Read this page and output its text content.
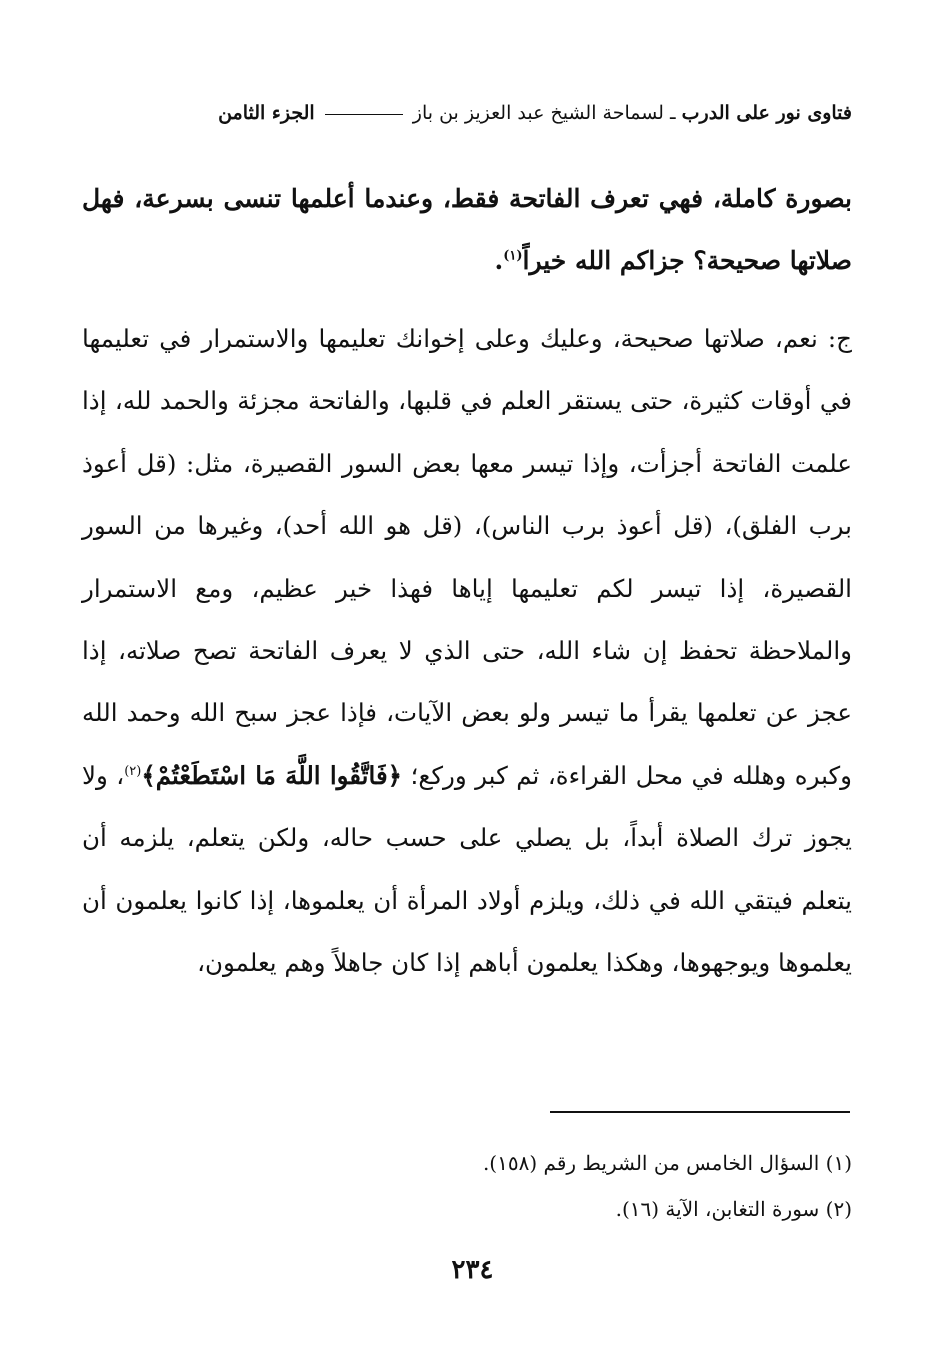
فتاوى نور على الدرب ـ لسماحة الشيخ عبد العزيز بن باز  الجزء الثامن
بصورة كاملة، فهي تعرف الفاتحة فقط، وعندما أعلمها تنسى بسرعة، فهل صلاتها صحيحة؟ جزاكم الله خيراً$^{(١)}$.
ج: نعم، صلاتها صحيحة، وعليك وعلى إخوانك تعليمها والاستمرار في تعليمها في أوقات كثيرة، حتى يستقر العلم في قلبها، والفاتحة مجزئة والحمد لله، إذا علمت الفاتحة أجزأت، وإذا تيسر معها بعض السور القصيرة، مثل: (قل أعوذ برب الفلق)، (قل أعوذ برب الناس)، (قل هو الله أحد)، وغيرها من السور القصيرة، إذا تيسر لكم تعليمها إياها فهذا خير عظيم، ومع الاستمرار والملاحظة تحفظ إن شاء الله، حتى الذي لا يعرف الفاتحة تصح صلاته، إذا عجز عن تعلمها يقرأ ما تيسر ولو بعض الآيات، فإذا عجز سبح الله وحمد الله وكبره وهلله في محل القراءة، ثم كبر وركع؛ ﴿فَاتَّقُوا اللَّهَ مَا اسْتَطَعْتُمْ﴾$^{(٢)}$، ولا يجوز ترك الصلاة أبداً، بل يصلي على حسب حاله، ولكن يتعلم، يلزمه أن يتعلم فيتقي الله في ذلك، ويلزم أولاد المرأة أن يعلموها، إذا كانوا يعلمون أن يعلموها ويوجهوها، وهكذا يعلمون أباهم إذا كان جاهلاً وهم يعلمون،
(١) السؤال الخامس من الشريط رقم (١٥٨).
(٢) سورة التغابن، الآية (١٦).
٢٣٤
